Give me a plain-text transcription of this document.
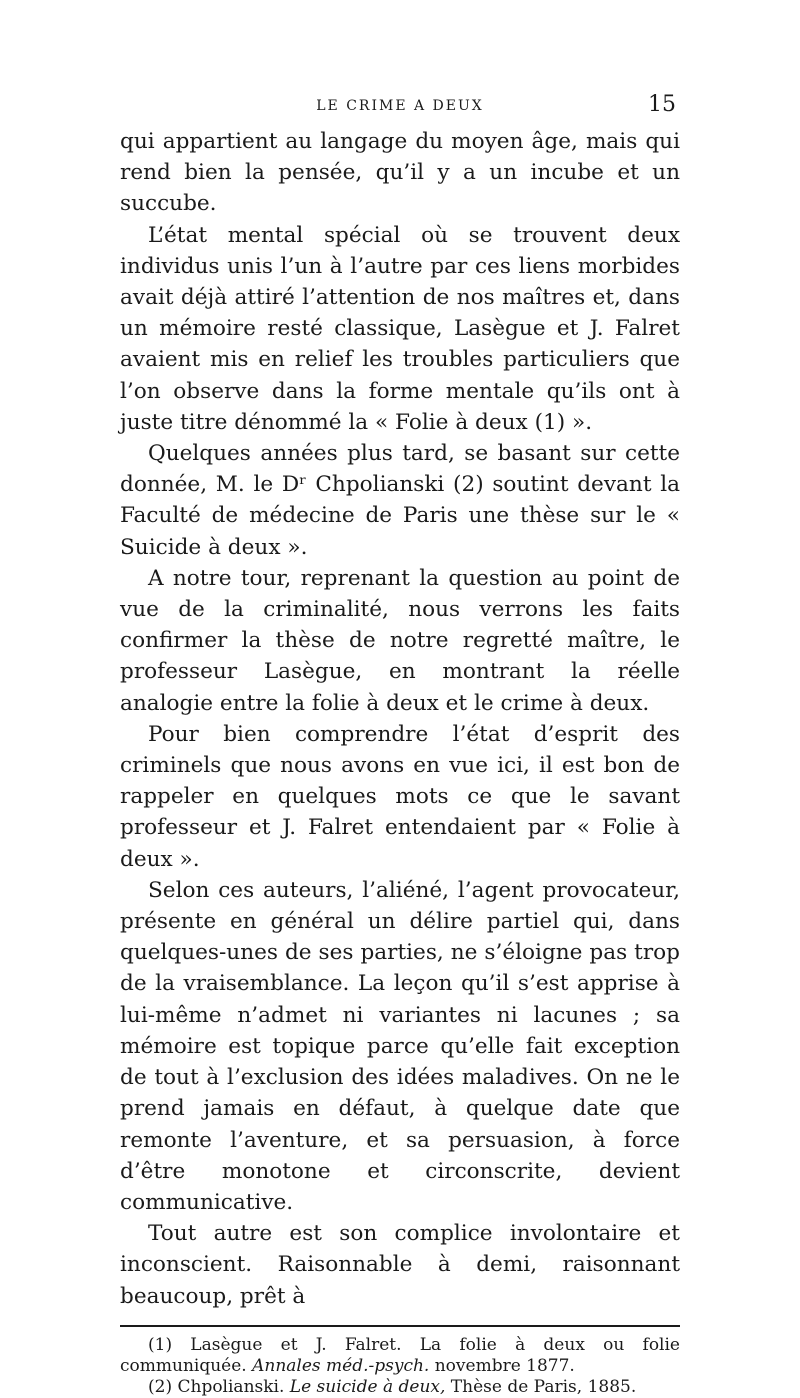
LE CRIME A DEUX	15

qui appartient au langage du moyen âge, mais qui rend bien la pensée, qu’il y a un incube et un succube.

L’état mental spécial où se trouvent deux individus unis l’un à l’autre par ces liens morbides avait déjà attiré l’attention de nos maîtres et, dans un mémoire resté classique, Lasègue et J. Falret avaient mis en relief les troubles particuliers que l’on observe dans la forme mentale qu’ils ont à juste titre dénommé la « Folie à deux (1) ».

Quelques années plus tard, se basant sur cette donnée, M. le Dʳ Chpolianski (2) soutint devant la Faculté de médecine de Paris une thèse sur le « Suicide à deux ».

A notre tour, reprenant la question au point de vue de la criminalité, nous verrons les faits confirmer la thèse de notre regretté maître, le professeur Lasègue, en montrant la réelle analogie entre la folie à deux et le crime à deux.

Pour bien comprendre l’état d’esprit des criminels que nous avons en vue ici, il est bon de rappeler en quelques mots ce que le savant professeur et J. Falret entendaient par « Folie à deux ».

Selon ces auteurs, l’aliéné, l’agent provocateur, présente en général un délire partiel qui, dans quelques-unes de ses parties, ne s’éloigne pas trop de la vraisemblance. La leçon qu’il s’est apprise à lui-même n’admet ni variantes ni lacunes ; sa mémoire est topique parce qu’elle fait exception de tout à l’exclusion des idées maladives. On ne le prend jamais en défaut, à quelque date que remonte l’aventure, et sa persuasion, à force d’être monotone et circonscrite, devient communicative.

Tout autre est son complice involontaire et inconscient. Raisonnable à demi, raisonnant beaucoup, prêt à

(1) Lasègue et J. Falret. La folie à deux ou folie communiquée. Annales méd.-psych. novembre 1877.

(2) Chpolianski. Le suicide à deux, Thèse de Paris, 1885.
